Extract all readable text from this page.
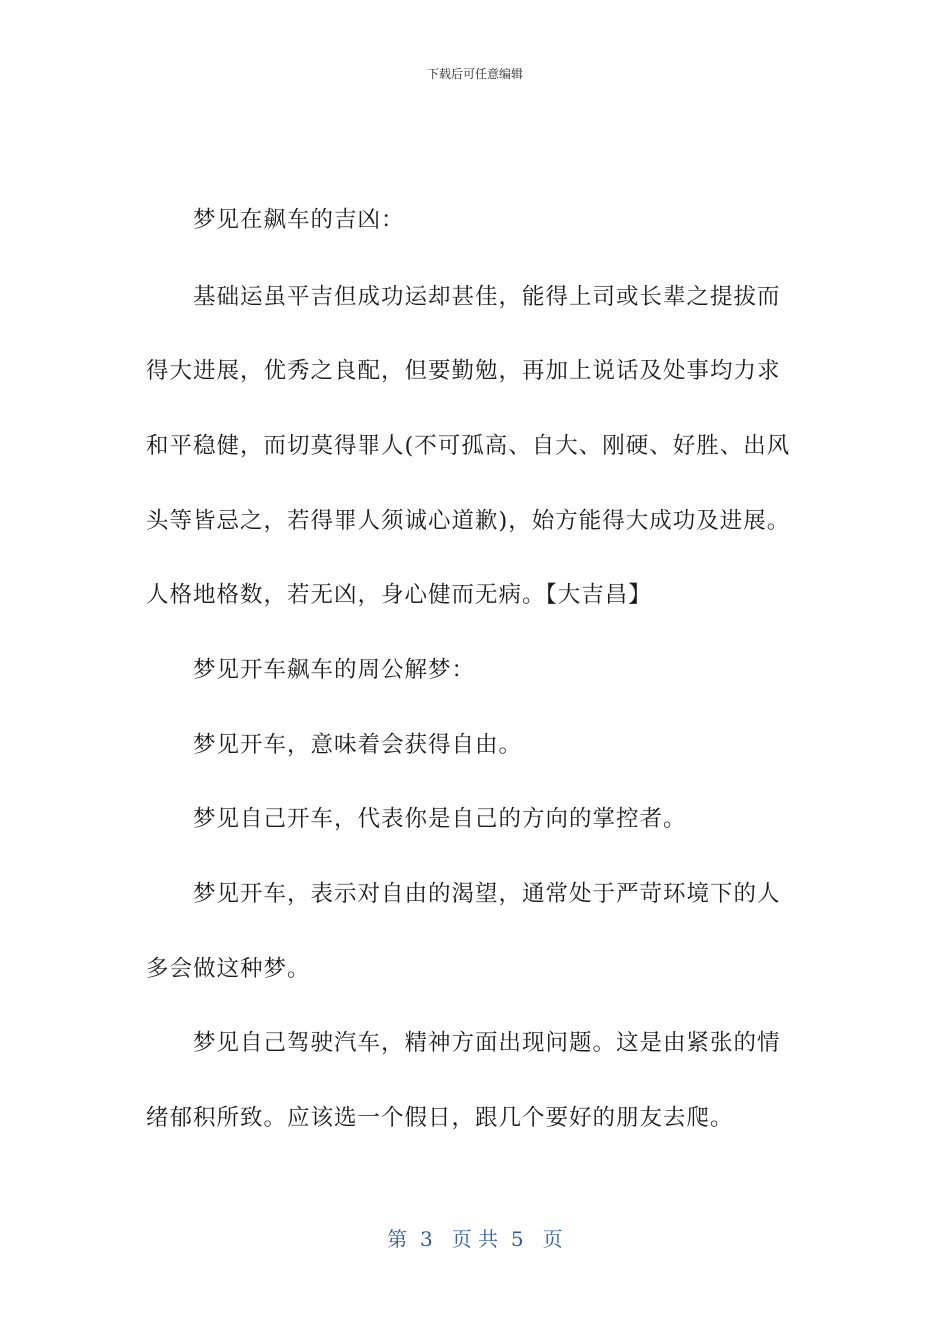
下载后可任意编辑
梦见在飙车的吉凶：
基础运虽平吉但成功运却甚佳，能得上司或长辈之提拔而
得大进展，优秀之良配，但要勤勉，再加上说话及处事均力求
和平稳健，而切莫得罪人(不可孤高、自大、刚硬、好胜、出风
头等皆忌之，若得罪人须诚心道歉)，始方能得大成功及进展。
人格地格数，若无凶，身心健而无病。【大吉昌】
梦见开车飙车的周公解梦：
梦见开车，意味着会获得自由。
梦见自己开车，代表你是自己的方向的掌控者。
梦见开车，表示对自由的渴望，通常处于严苛环境下的人
多会做这种梦。
梦见自己驾驶汽车，精神方面出现问题。这是由紧张的情
绪郁积所致。应该选一个假日，跟几个要好的朋友去爬。
第  3   页 共  5   页
